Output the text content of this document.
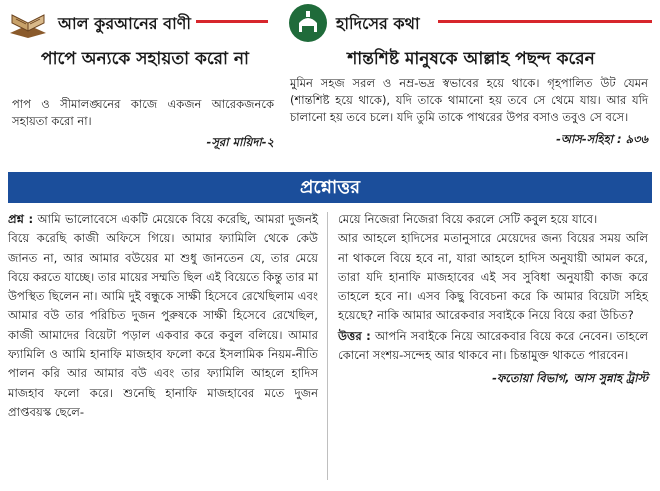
আল কুরআনের বাণী	হাদিসের কথা
পাপে অন্যকে সহায়তা করো না
পাপ ও সীমালঙ্ঘনের কাজে একজন আরেকজনকে সহায়তা করো না।
-সূরা মায়িদা-২
শান্তশিষ্ট মানুষকে আল্লাহ পছন্দ করেন
মুমিন সহজ সরল ও নম্র-ভদ্র স্বভাবের হয়ে থাকে। গৃহপালিত উট যেমন (শান্তশিষ্ট হয়ে থাকে), যদি তাকে থামানো হয় তবে সে থেমে যায়। আর যদি চালানো হয় তবে চলে। যদি তুমি তাকে পাথরের উপর বসাও তবুও সে বসে।
-আস-সহিহা : ৯৩৬
প্রশ্নোত্তর

প্রশ্ন : আমি ভালোবেসে একটি মেয়েকে বিয়ে করেছি, আমরা দুজনই বিয়ে করেছি কাজী অফিসে গিয়ে। আমার ফ্যামিলি থেকে কেউ জানত না, আর আমার বউয়ের মা শুধু জানতেন যে, তার মেয়ে বিয়ে করতে যাচ্ছে। তার মায়ের সম্মতি ছিল এই বিয়েতে কিন্তু তার মা উপস্থিত ছিলেন না। আমি দুই বন্ধুকে সাক্ষী হিসেবে রেখেছিলাম এবং আমার বউ তার পরিচিত দুজন পুরুষকে সাক্ষী হিসেবে রেখেছিল, কাজী আমাদের বিয়েটা পড়াল একবার করে কবুল বলিয়ে। আমার ফ্যামিলি ও আমি হানাফি মাজহাব ফলো করে ইসলামিক নিয়ম-নীতি পালন করি আর আমার বউ এবং তার ফ্যামিলি আহলে হাদিস মাজহাব ফলো করে। শুনেছি হানাফি মাজহাবের মতে দুজন প্রাপ্তবয়স্ক ছেলে-

মেয়ে নিজেরা নিজেরা বিয়ে করলে সেটি কবুল হয়ে যাবে।

আর আহলে হাদিসের মতানুসারে মেয়েদের জন্য বিয়ের সময় অলি না থাকলে বিয়ে হবে না, যারা আহলে হাদিস অনুযায়ী আমল করে, তারা যদি হানাফি মাজহাবের এই সব সুবিধা অনুযায়ী কাজ করে তাহলে হবে না। এসব কিছু বিবেচনা করে কি আমার বিয়েটা সহিহ হয়েছে? নাকি আমার আরেকবার সবাইকে নিয়ে বিয়ে করা উচিত?

উত্তর : আপনি সবাইকে নিয়ে আরেকবার বিয়ে করে নেবেন। তাহলে কোনো সংশয়-সন্দেহ আর থাকবে না। চিন্তামুক্ত থাকতে পারবেন।

-ফতোয়া বিভাগ, আস সুন্নাহ ট্রাস্ট
